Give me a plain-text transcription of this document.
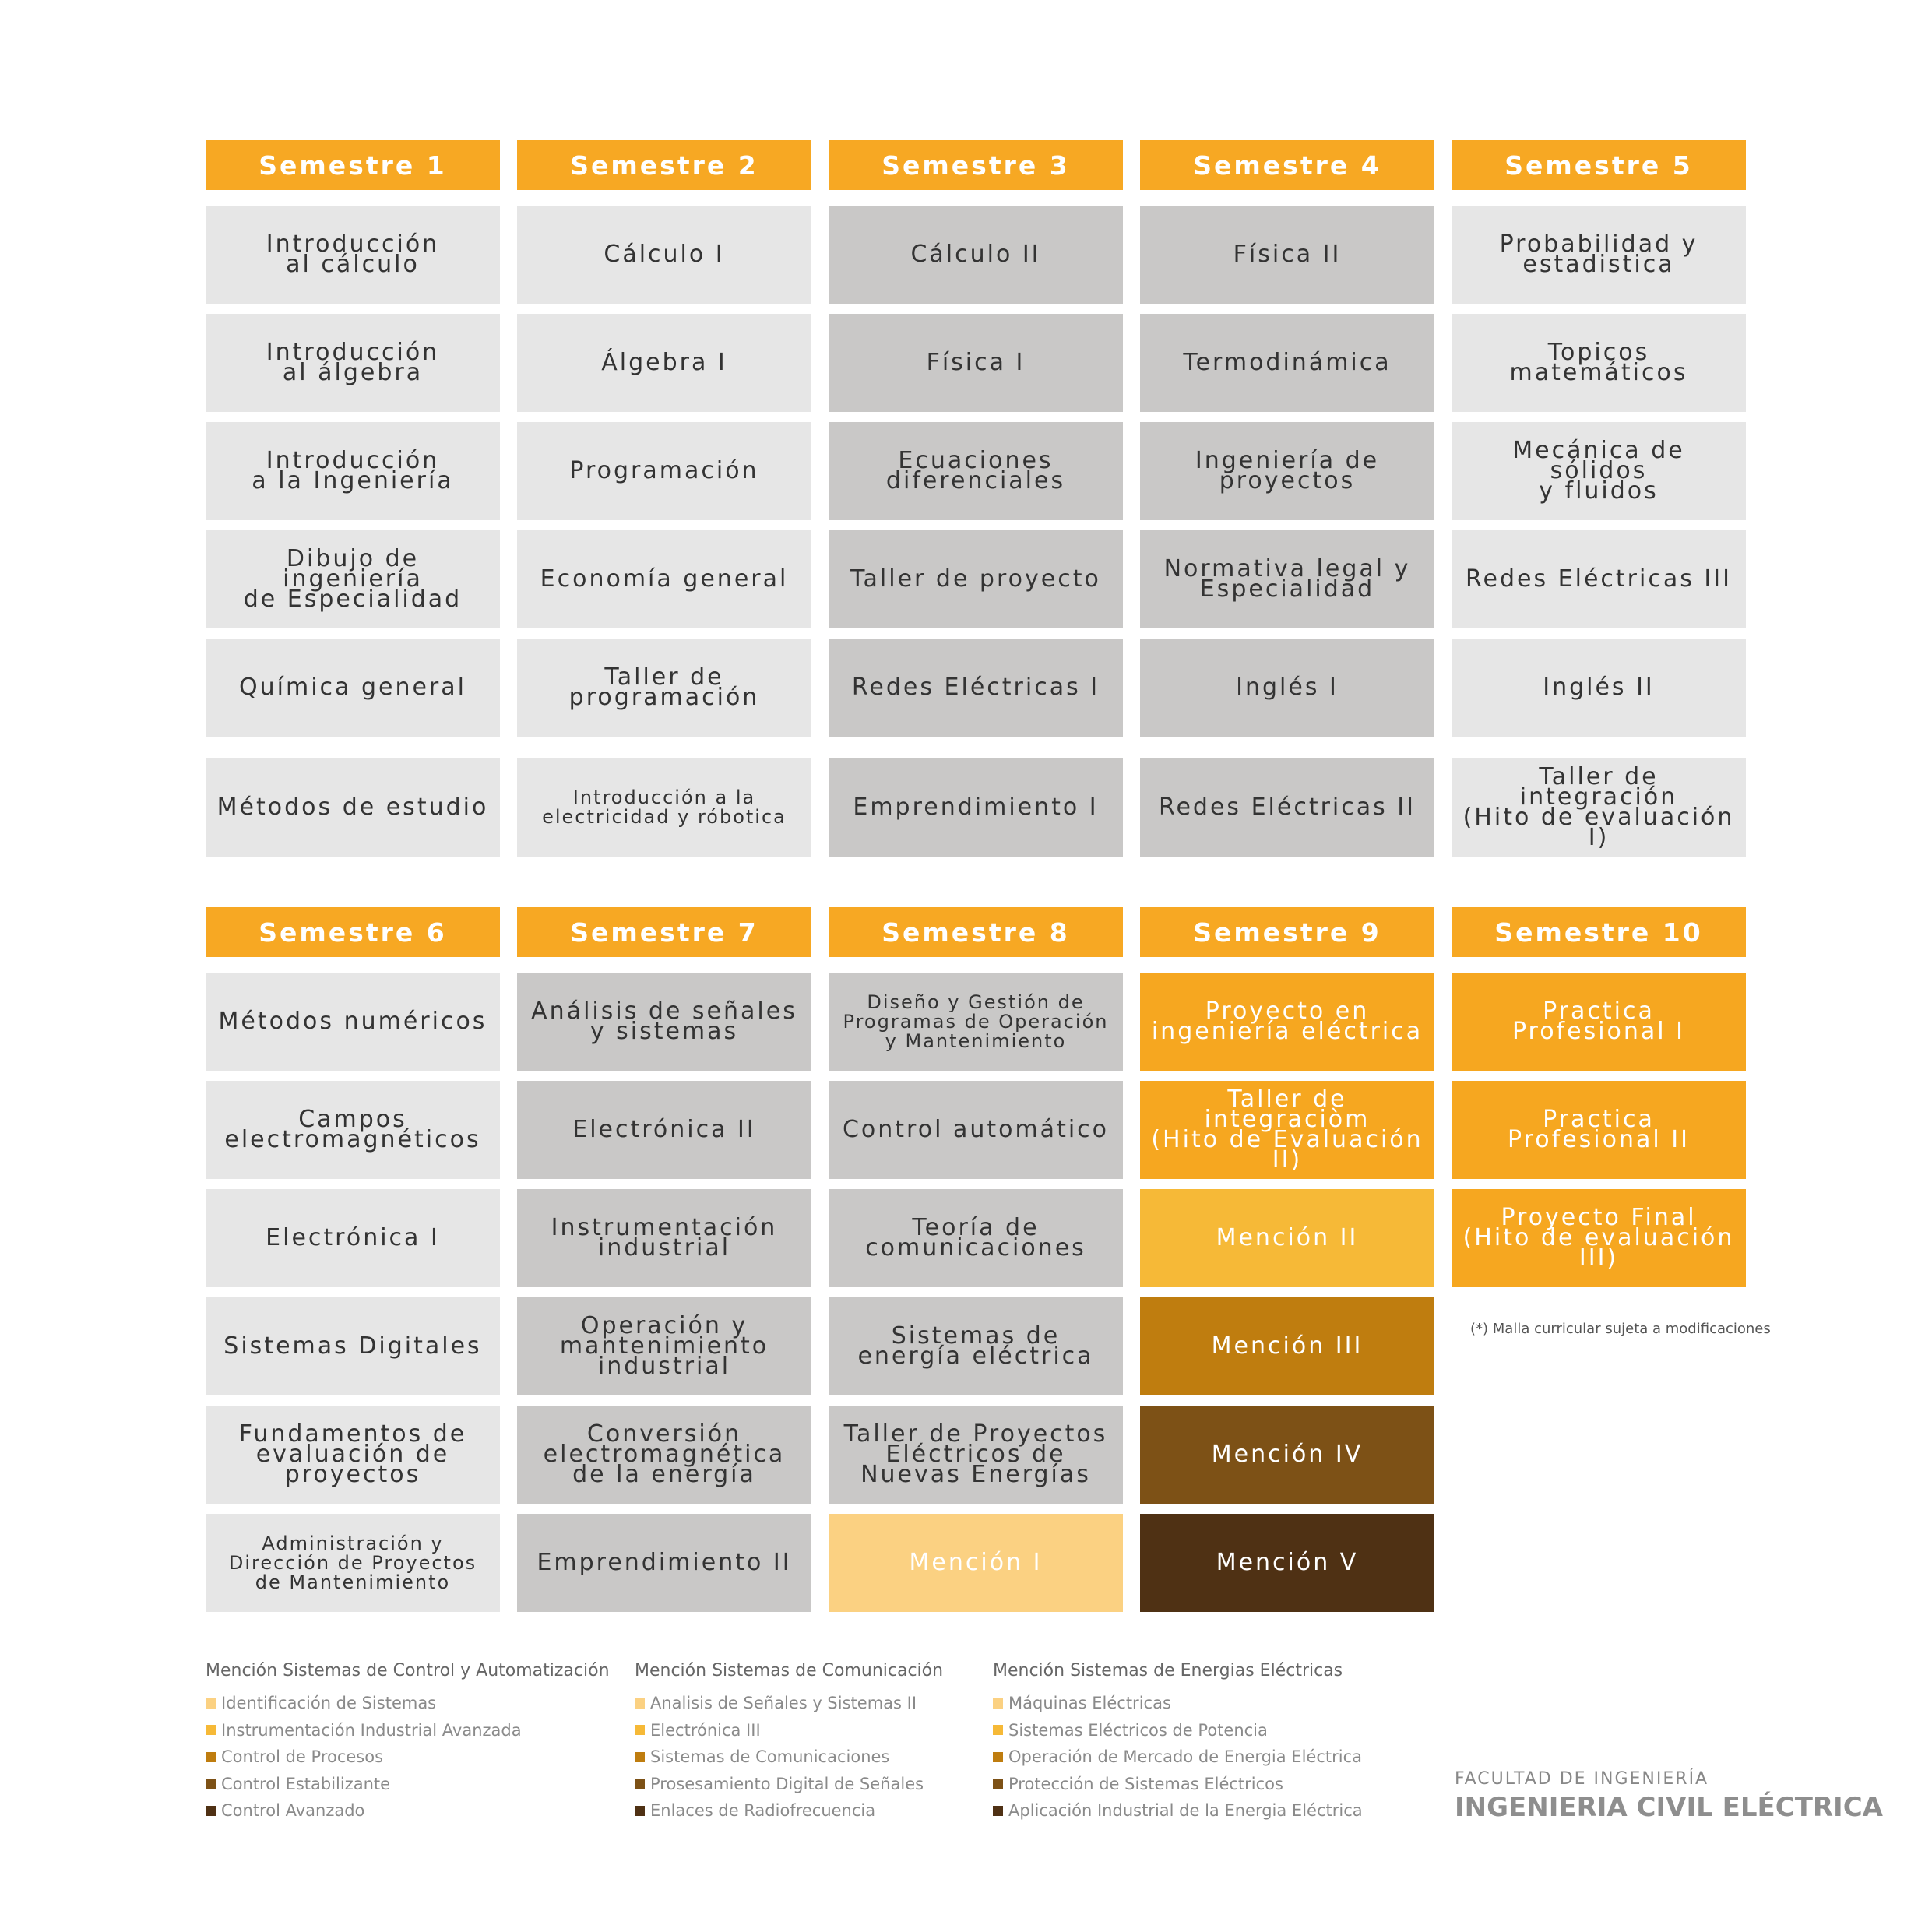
Semestre 1
Introducción
al cálculo
Introducción
al álgebra
Introducción
a la Ingeniería
Dibujo de ingeniería
de Especialidad
Química general
Métodos de estudio
Semestre 2
Cálculo I
Álgebra I
Programación
Economía general
Taller de
programación
Introducción a la
electricidad y róbotica
Semestre 3
Cálculo II
Física I
Ecuaciones
diferenciales
Taller de proyecto
Redes Eléctricas I
Emprendimiento I
Semestre 4
Física II
Termodinámica
Ingeniería de
proyectos
Normativa legal y
Especialidad
Inglés I
Redes Eléctricas II
Semestre 5
Probabilidad y
estadistica
Topicos matemáticos
Mecánica de sólidos
y fluidos
Redes Eléctricas III
Inglés II
Taller de integración
(Hito de evaluación I)
Semestre 6
Métodos numéricos
Campos
electromagnéticos
Electrónica I
Sistemas Digitales
Fundamentos de
evaluación de
proyectos
Administración y
Dirección de Proyectos
de Mantenimiento
Semestre 7
Análisis de señales
y sistemas
Electrónica II
Instrumentación
industrial
Operación y
mantenimiento
industrial
Conversión
electromagnética
de la energía
Emprendimiento II
Semestre 8
Diseño y Gestión de
Programas de Operación
y Mantenimiento
Control automático
Teoría de
comunicaciones
Sistemas de
energía eléctrica
Taller de Proyectos
Eléctricos de
Nuevas Energías
Mención I
Semestre 9
Proyecto en
ingeniería eléctrica
Taller de integraciòm
(Hito de Evaluación II)
Mención II
Mención III
Mención IV
Mención V
Semestre 10
Practica Profesional I
Practica Profesional II
Proyecto Final
(Hito de evaluación III)
(*) Malla curricular sujeta a modificaciones
Mención Sistemas de Control y Automatización
Identificación de Sistemas
Instrumentación Industrial Avanzada
Control de Procesos
Control Estabilizante
Control Avanzado
Mención Sistemas de Comunicación
Analisis de Señales y Sistemas II
Electrónica III
Sistemas de Comunicaciones
Prosesamiento Digital de Señales
Enlaces de Radiofrecuencia
Mención Sistemas de Energias Eléctricas
Máquinas Eléctricas
Sistemas Eléctricos de Potencia
Operación de Mercado de Energia Eléctrica
Protección de Sistemas Eléctricos
Aplicación Industrial de la Energia Eléctrica
FACULTAD DE INGENIERÍA
INGENIERIA CIVIL ELÉCTRICA
